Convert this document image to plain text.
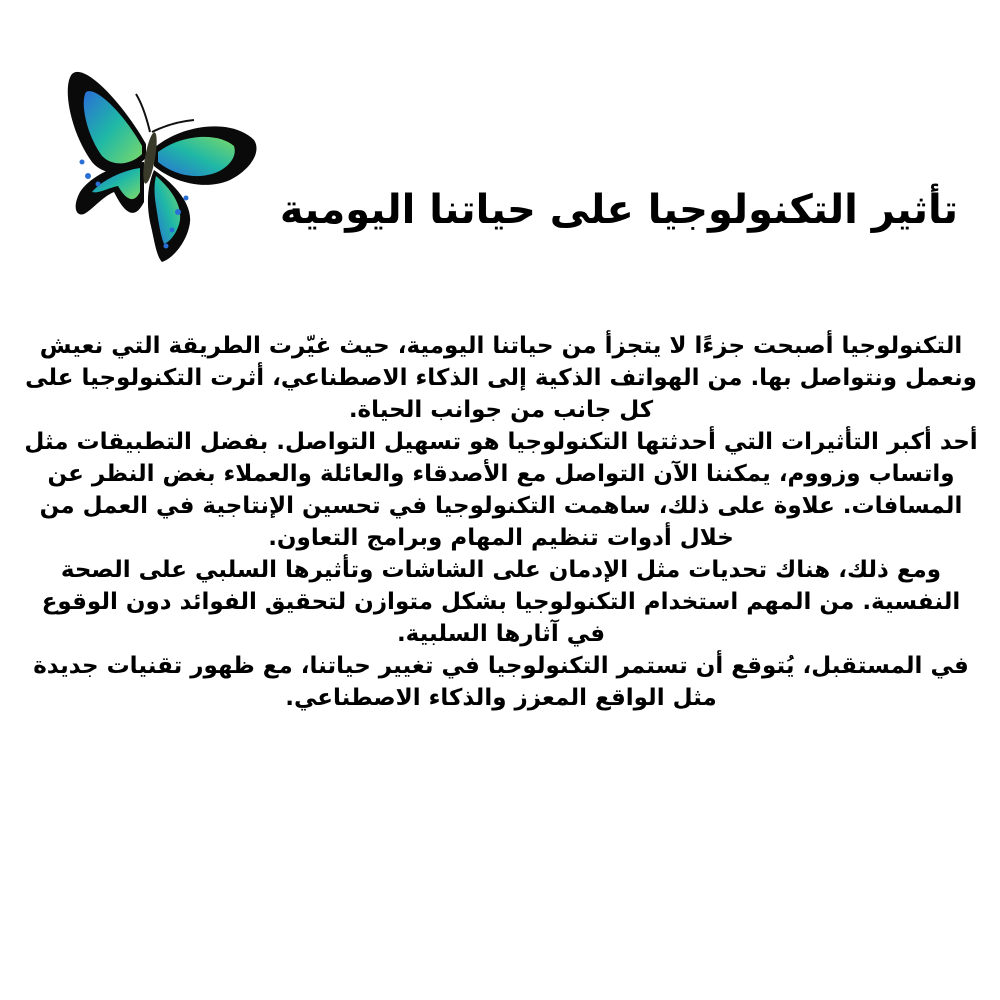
تأثير التكنولوجيا على حياتنا اليومية

التكنولوجيا أصبحت جزءًا لا يتجزأ من حياتنا اليومية، حيث غيّرت الطريقة التي نعيش ونعمل ونتواصل بها. من الهواتف الذكية إلى الذكاء الاصطناعي، أثرت التكنولوجيا على كل جانب من جوانب الحياة.

أحد أكبر التأثيرات التي أحدثتها التكنولوجيا هو تسهيل التواصل. بفضل التطبيقات مثل واتساب وزووم، يمكننا الآن التواصل مع الأصدقاء والعائلة والعملاء بغض النظر عن المسافات. علاوة على ذلك، ساهمت التكنولوجيا في تحسين الإنتاجية في العمل من خلال أدوات تنظيم المهام وبرامج التعاون.

ومع ذلك، هناك تحديات مثل الإدمان على الشاشات وتأثيرها السلبي على الصحة النفسية. من المهم استخدام التكنولوجيا بشكل متوازن لتحقيق الفوائد دون الوقوع في آثارها السلبية.

في المستقبل، يُتوقع أن تستمر التكنولوجيا في تغيير حياتنا، مع ظهور تقنيات جديدة مثل الواقع المعزز والذكاء الاصطناعي.
